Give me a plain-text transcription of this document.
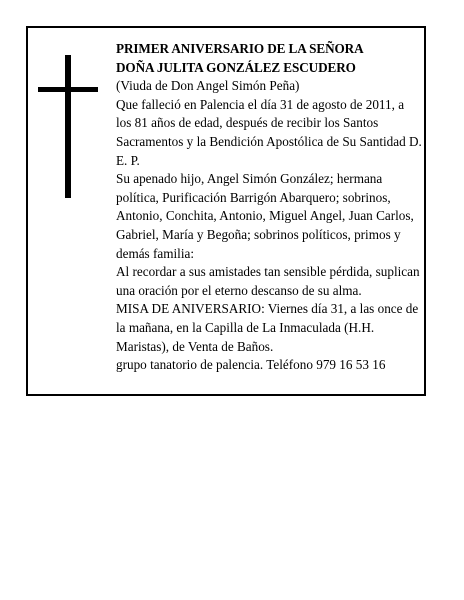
PRIMER ANIVERSARIO DE LA SEÑORA

DOÑA JULITA GONZÁLEZ ESCUDERO

(Viuda de Don Angel Simón Peña)

Que falleció en Palencia el día 31 de agosto de 2011, a los 81 años de edad, después de recibir los Santos Sacramentos y la Bendición Apostólica de Su Santidad D. E. P.

Su apenado hijo, Angel Simón González; hermana política, Purificación Barrigón Abarquero; sobrinos, Antonio, Conchita, Antonio, Miguel Angel, Juan Carlos, Gabriel, María y Begoña; sobrinos políticos, primos y demás familia:

Al recordar a sus amistades tan sensible pérdida, suplican una oración por el eterno descanso de su alma.

MISA DE ANIVERSARIO: Viernes día 31, a las once de la mañana, en la Capilla de La Inmaculada (H.H. Maristas), de Venta de Baños.

grupo tanatorio de palencia. Teléfono 979 16 53 16
